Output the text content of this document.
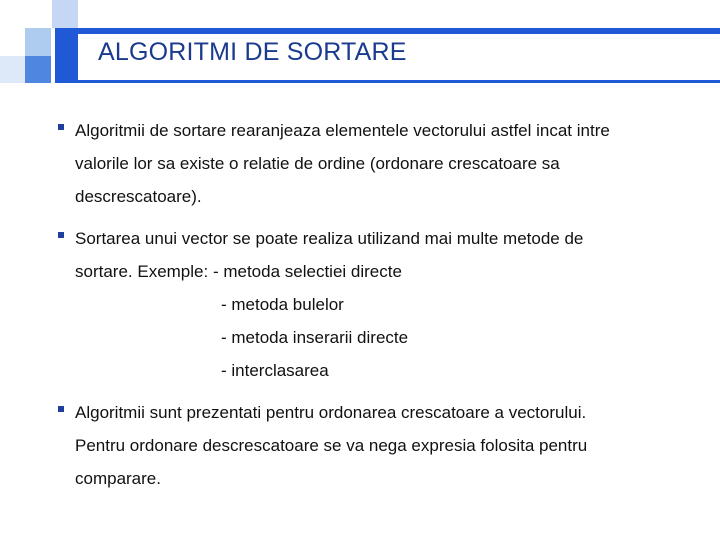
ALGORITMI DE SORTARE
Algoritmii de sortare rearanjeaza elementele vectorului astfel incat intre
valorile lor sa existe o relatie de ordine (ordonare crescatoare sa
descrescatoare).
Sortarea unui vector se poate realiza utilizand mai multe metode de
sortare. Exemple: - metoda selectiei directe
- metoda bulelor
- metoda inserarii directe
- interclasarea
Algoritmii sunt prezentati pentru ordonarea crescatoare a vectorului.
Pentru ordonare descrescatoare se va nega expresia folosita pentru
comparare.
